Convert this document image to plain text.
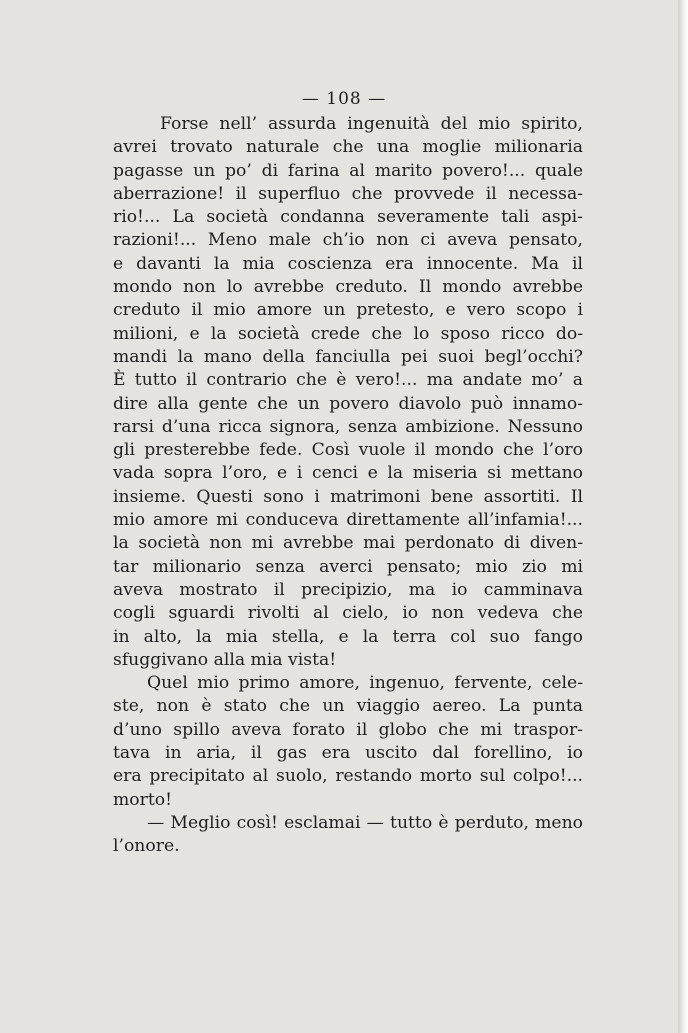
— 108 —
Forse nell’ assurda ingenuità del mio spirito,
avrei trovato naturale che una moglie milionaria
pagasse un po’ di farina al marito povero!... quale
aberrazione! il superfluo che provvede il necessa-
rio!... La società condanna severamente tali aspi-
razioni!... Meno male ch’io non ci aveva pensato,
e davanti la mia coscienza era innocente. Ma il
mondo non lo avrebbe creduto. Il mondo avrebbe
creduto il mio amore un pretesto, e vero scopo i
milioni, e la società crede che lo sposo ricco do-
mandi la mano della fanciulla pei suoi begl’occhi?
È tutto il contrario che è vero!... ma andate mo’ a
dire alla gente che un povero diavolo può innamo-
rarsi d’una ricca signora, senza ambizione. Nessuno
gli presterebbe fede. Così vuole il mondo che l’oro
vada sopra l’oro, e i cenci e la miseria si mettano
insieme. Questi sono i matrimoni bene assortiti. Il
mio amore mi conduceva direttamente all’infamia!...
la società non mi avrebbe mai perdonato di diven-
tar milionario senza averci pensato; mio zio mi
aveva mostrato il precipizio, ma io camminava
cogli sguardi rivolti al cielo, io non vedeva che
in alto, la mia stella, e la terra col suo fango
sfuggivano alla mia vista!
Quel mio primo amore, ingenuo, fervente, cele-
ste, non è stato che un viaggio aereo. La punta
d’uno spillo aveva forato il globo che mi traspor-
tava in aria, il gas era uscito dal forellino, io
era precipitato al suolo, restando morto sul colpo!...
morto!
— Meglio così! esclamai — tutto è perduto, meno
l’onore.
